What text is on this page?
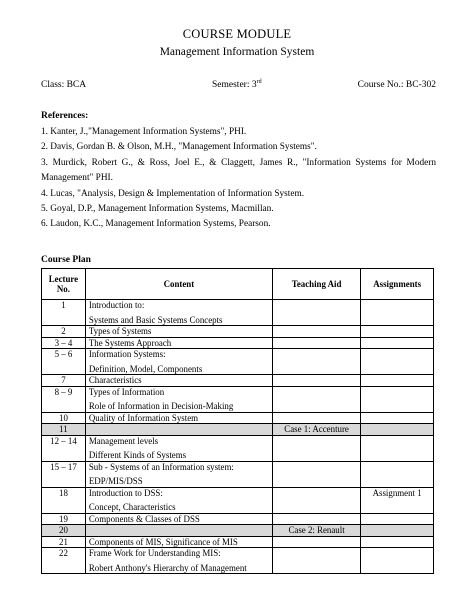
COURSE MODULE
Management Information System
Class: BCA	Semester: 3rd	Course No.: BC-302
References:
1. Kanter, J.,"Management Information Systems", PHI.
2. Davis, Gordan B. & Olson, M.H., "Management Information Systems".
3. Murdick, Robert G., & Ross, Joel E., & Claggett, James R., "Information Systems for Modern Management" PHI.
4. Lucas, "Analysis, Design & Implementation of Information System.
5. Goyal, D.P., Management Information Systems, Macmillan.
6. Laudon, K.C., Management Information Systems, Pearson.
Course Plan
Lecture
No.	Content	Teaching Aid	Assignments
1	Introduction to:
Systems and Basic Systems Concepts		

2	Types of Systems		

3 – 4	The Systems Approach		

5 – 6	Information Systems:
Definition, Model, Components		

7	Characteristics		

8 – 9	Types of Information
Role of Information in Decision-Making		

10	Quality of Information System		

11		Case 1: Accenture	
12 – 14	Management levels
Different Kinds of Systems		

15 – 17	Sub - Systems of an Information system:
EDP/MIS/DSS		

18	Introduction to DSS:
Concept, Characteristics		Assignment 1
19	Components & Classes of DSS		

20		Case 2: Renault	
21	Components of MIS, Significance of MIS		

22	Frame Work for Understanding MIS:
Robert Anthony's Hierarchy of Management		
